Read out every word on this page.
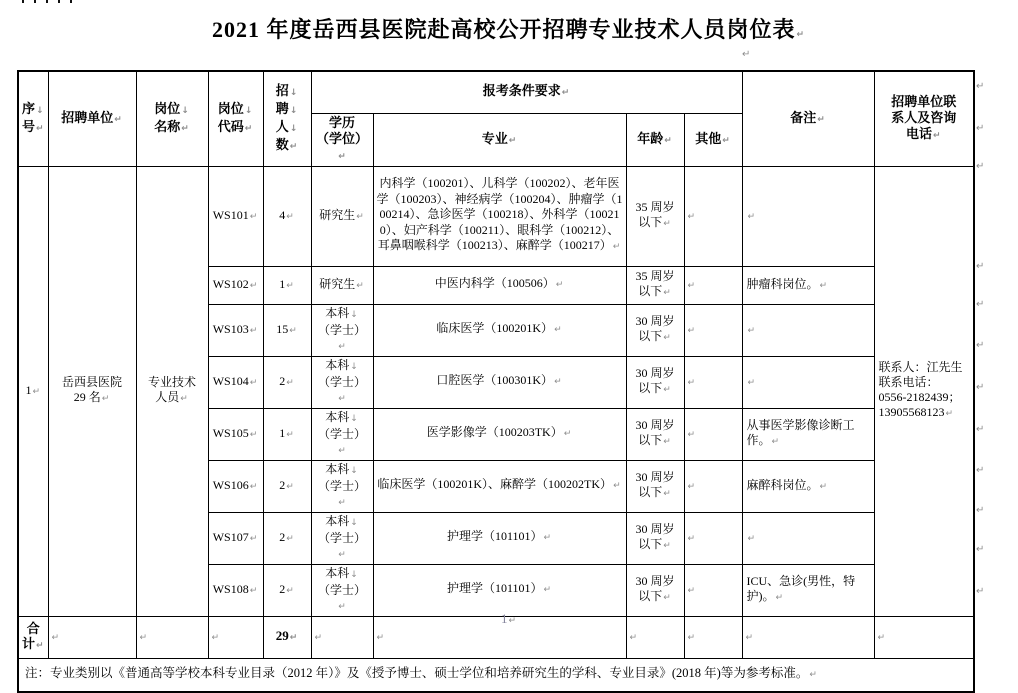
2021 年度岳西县医院赴高校公开招聘专业技术人员岗位表↵
↵
序↓
号↵	招聘单位↵	岗位↓
名称↵	岗位↓
代码↵	招↓
聘↓
人↓
数↵	报考条件要求↵				备注↵	招聘单位联
系人及咨询
电话↵
					学历
（学位）↵	专业↵	年龄↵	其他↵		
1↵	岳西县医院
29 名↵	专业技术
人员↵	WS101↵	4↵	研究生↵	内科学（100201）、儿科学（100202）、老年医学（100203）、神经病学（100204）、肿瘤学（100214）、急诊医学（100218）、外科学（100210）、妇产科学（100211）、眼科学（100212）、耳鼻咽喉科学（100213）、麻醉学（100217）↵	35 周岁
以下↵	↵	↵	联系人：江先生
联系电话：
0556-2182439；
13905568123↵
			WS102↵	1↵	研究生↵	中医内科学（100506）↵	35 周岁
以下↵	↵	肿瘤科岗位。↵	
			WS103↵	15↵	本科↓
（学士）↵	临床医学（100201K）↵	30 周岁
以下↵	↵	↵	
			WS104↵	2↵	本科↓
（学士）↵	口腔医学（100301K）↵	30 周岁
以下↵	↵	↵	
			WS105↵	1↵	本科↓
（学士）↵	医学影像学（100203TK）↵	30 周岁
以下↵	↵	从事医学影像诊断工作。↵	
			WS106↵	2↵	本科↓
（学士）↵	临床医学（100201K）、麻醉学（100202TK）↵	30 周岁
以下↵	↵	麻醉科岗位。↵	
			WS107↵	2↵	本科↓
（学士）↵	护理学（101101）↵	30 周岁
以下↵	↵	↵	
			WS108↵	2↵	本科↓
（学士）↵	护理学（101101）↵	30 周岁
以下↵	↵	ICU、急诊(男性，特护)。↵	
合
计↵	↵	↵	↵	29↵	↵	↵	↵	↵	↵	↵
注：专业类别以《普通高等学校本科专业目录（2012 年）》及《授予博士、硕士学位和培养研究生的学科、专业目录》(2018 年)等为参考标准。↵										
↵
↵
↵
↵
↵
↵
↵
↵
↵
↵
↵
↵
1↵
